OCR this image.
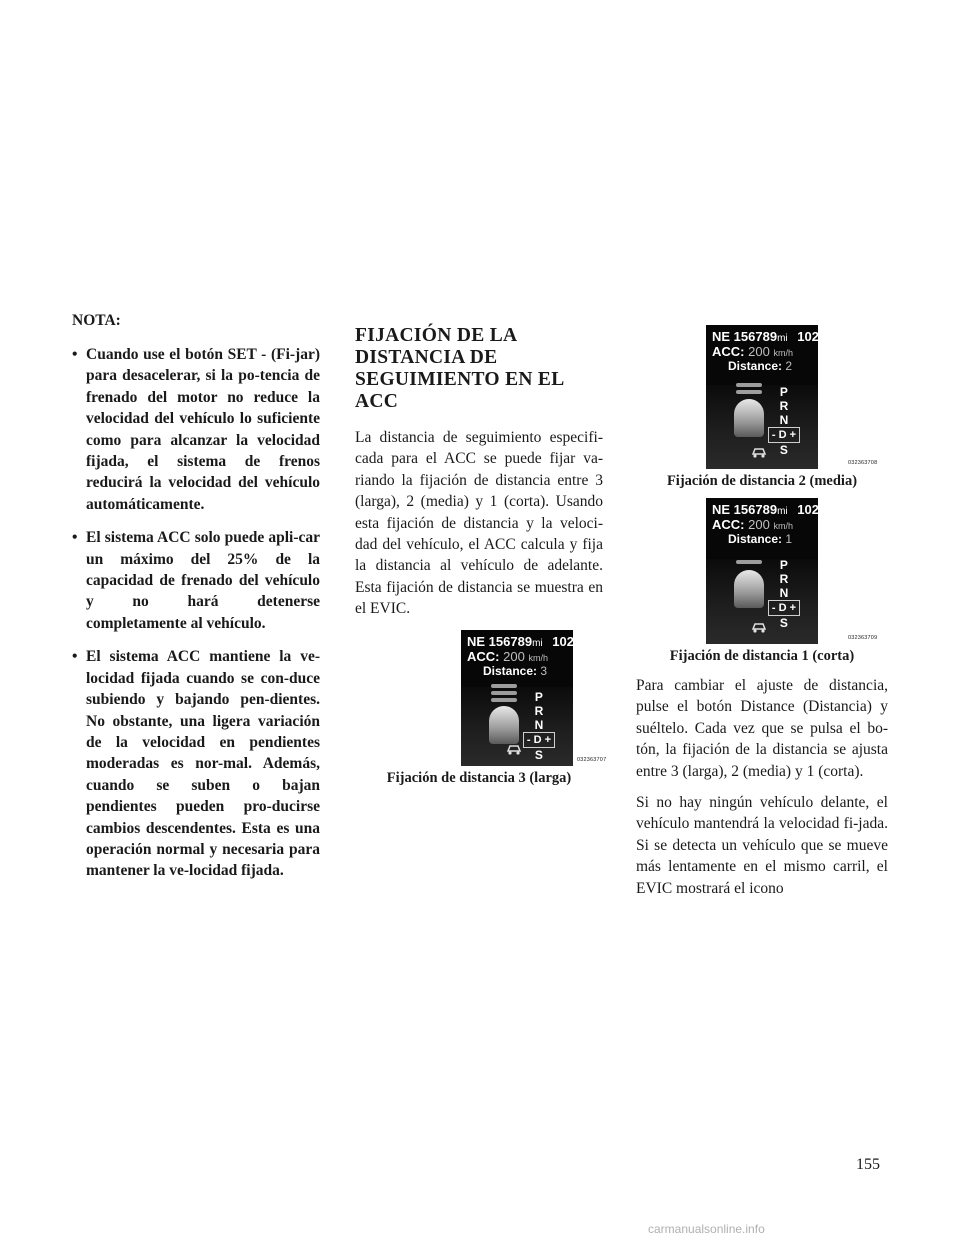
NOTA:

• Cuando use el botón SET - (Fi-jar) para desacelerar, si la po-tencia de frenado del motor no reduce la velocidad del vehículo lo suficiente como para alcanzar la velocidad fijada, el sistema de frenos reducirá la velocidad del vehículo automáticamente.
• El sistema ACC solo puede apli-car un máximo del 25% de la capacidad de frenado del vehículo y no hará detenerse completamente al vehículo.
• El sistema ACC mantiene la ve-locidad fijada cuando se con-duce subiendo y bajando pen-dientes. No obstante, una ligera variación de la velocidad en pendientes moderadas es nor-mal. Además, cuando se suben o bajan pendientes pueden pro-ducirse cambios descendentes. Esta es una operación normal y necesaria para mantener la ve-locidad fijada.
FIJACIÓN DE LA DISTANCIA DE SEGUIMIENTO EN EL ACC

La distancia de seguimiento especifi-cada para el ACC se puede fijar va-riando la fijación de distancia entre 3 (larga), 2 (media) y 1 (corta). Usando esta fijación de distancia y la veloci-dad del vehículo, el ACC calcula y fija la distancia al vehículo de adelante. Esta fijación de distancia se muestra en el EVIC.

NE 156789mi 102˚
ACC: 200 km/h
Distance: 3
P
R
N
- D +
S	032363707
Fijación de distancia 3 (larga)
NE 156789mi 102˚
ACC: 200 km/h
Distance: 2
P
R
N
- D +
S
032363708
Fijación de distancia 2 (media)
NE 156789mi 102˚
ACC: 200 km/h
Distance: 1
P
R
N
- D +
S
032363709
Fijación de distancia 1 (corta)

Para cambiar el ajuste de distancia, pulse el botón Distance (Distancia) y suéltelo. Cada vez que se pulsa el bo-tón, la fijación de la distancia se ajusta entre 3 (larga), 2 (media) y 1 (corta).

Si no hay ningún vehículo delante, el vehículo mantendrá la velocidad fi-jada. Si se detecta un vehículo que se mueve más lentamente en el mismo carril, el EVIC mostrará el icono

155
carmanualsonline.info
